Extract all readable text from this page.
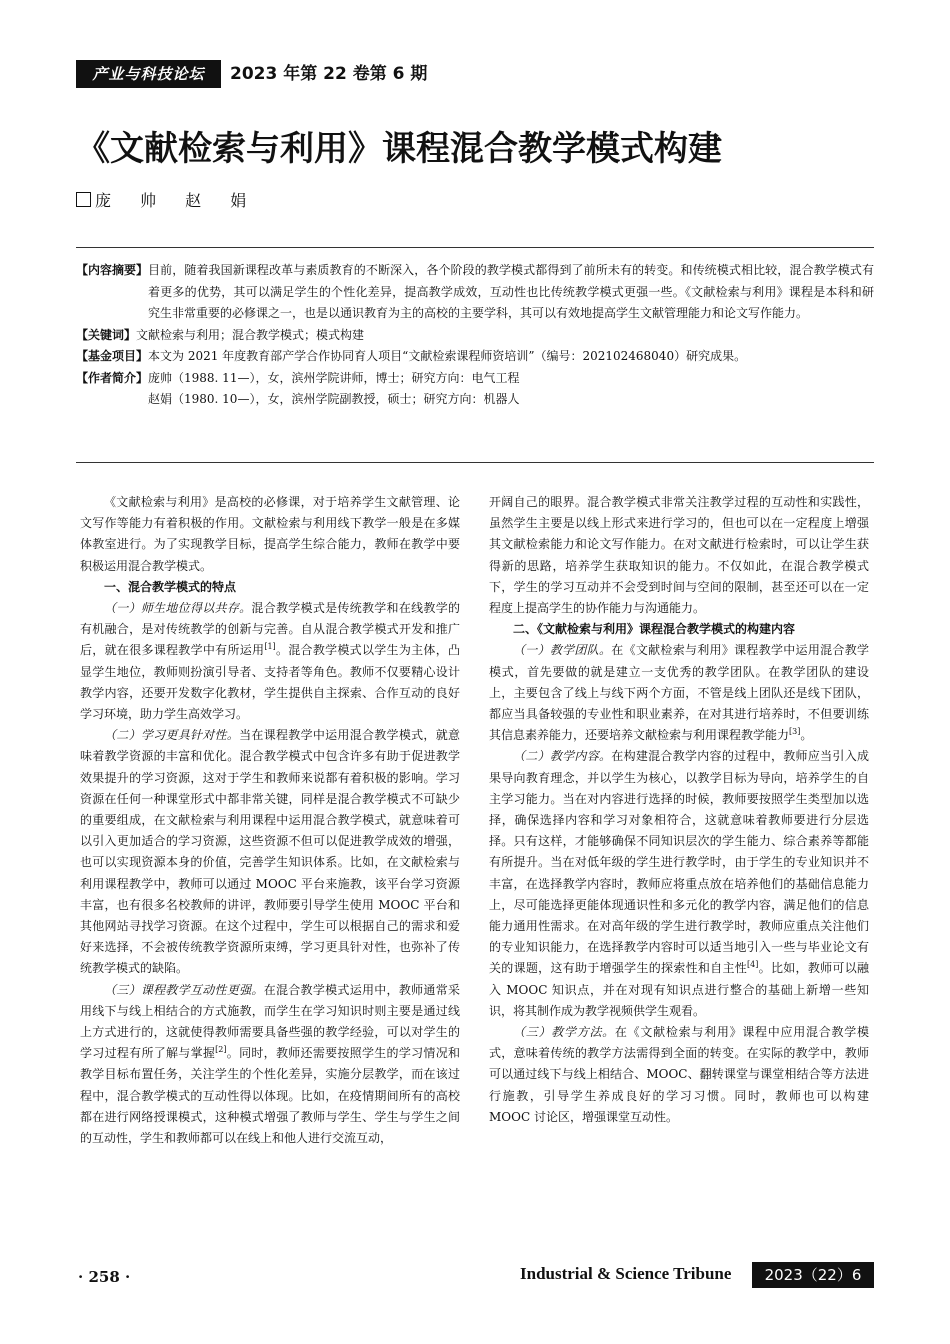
产业与科技论坛	2023 年第 22 卷第 6 期
《文献检索与利用》课程混合教学模式构建
庞 帅 赵 娟
【内容摘要】 目前，随着我国新课程改革与素质教育的不断深入，各个阶段的教学模式都得到了前所未有的转变。和传统模式相比较，混合教学模式有着更多的优势，其可以满足学生的个性化差异，提高教学成效，互动性也比传统教学模式更强一些。《文献检索与利用》课程是本科和研究生非常重要的必修课之一，也是以通识教育为主的高校的主要学科，其可以有效地提高学生文献管理能力和论文写作能力。
【关键词】 文献检索与利用；混合教学模式；模式构建
【基金项目】 本文为 2021 年度教育部产学合作协同育人项目“文献检索课程师资培训”（编号：202102468040）研究成果。
【作者简介】 庞帅（1988. 11—），女，滨州学院讲师，博士；研究方向：电气工程
赵娟（1980. 10—），女，滨州学院副教授，硕士；研究方向：机器人

《文献检索与利用》是高校的必修课，对于培养学生文献管理、论文写作等能力有着积极的作用。文献检索与利用线下教学一般是在多媒体教室进行。为了实现教学目标，提高学生综合能力，教师在教学中要积极运用混合教学模式。

一、混合教学模式的特点

（一）师生地位得以共存。混合教学模式是传统教学和在线教学的有机融合，是对传统教学的创新与完善。自从混合教学模式开发和推广后，就在很多课程教学中有所运用[1]。混合教学模式以学生为主体，凸显学生地位，教师则扮演引导者、支持者等角色。教师不仅要精心设计教学内容，还要开发数字化教材，学生提供自主探索、合作互动的良好学习环境，助力学生高效学习。

（二）学习更具针对性。当在课程教学中运用混合教学模式，就意味着教学资源的丰富和优化。混合教学模式中包含许多有助于促进教学效果提升的学习资源，这对于学生和教师来说都有着积极的影响。学习资源在任何一种课堂形式中都非常关键，同样是混合教学模式不可缺少的重要组成，在文献检索与利用课程中运用混合教学模式，就意味着可以引入更加适合的学习资源，这些资源不但可以促进教学成效的增强，也可以实现资源本身的价值，完善学生知识体系。比如，在文献检索与利用课程教学中，教师可以通过 MOOC 平台来施教，该平台学习资源丰富，也有很多名校教师的讲评，教师要引导学生使用 MOOC 平台和其他网站寻找学习资源。在这个过程中，学生可以根据自己的需求和爱好来选择，不会被传统教学资源所束缚，学习更具针对性，也弥补了传统教学模式的缺陷。

（三）课程教学互动性更强。在混合教学模式运用中，教师通常采用线下与线上相结合的方式施教，而学生在学习知识时则主要是通过线上方式进行的，这就使得教师需要具备些强的教学经验，可以对学生的学习过程有所了解与掌握[2]。同时，教师还需要按照学生的学习情况和教学目标布置任务，关注学生的个性化差异，实施分层教学，而在该过程中，混合教学模式的互动性得以体现。比如，在疫情期间所有的高校都在进行网络授课模式，这种模式增强了教师与学生、学生与学生之间的互动性，学生和教师都可以在线上和他人进行交流互动，

开阔自己的眼界。混合教学模式非常关注教学过程的互动性和实践性，虽然学生主要是以线上形式来进行学习的，但也可以在一定程度上增强其文献检索能力和论文写作能力。在对文献进行检索时，可以让学生获得新的思路，培养学生获取知识的能力。不仅如此，在混合教学模式下，学生的学习互动并不会受到时间与空间的限制，甚至还可以在一定程度上提高学生的协作能力与沟通能力。

二、《文献检索与利用》课程混合教学模式的构建内容

（一）教学团队。在《文献检索与利用》课程教学中运用混合教学模式，首先要做的就是建立一支优秀的教学团队。在教学团队的建设上，主要包含了线上与线下两个方面，不管是线上团队还是线下团队，都应当具备较强的专业性和职业素养，在对其进行培养时，不但要训练其信息素养能力，还要培养文献检索与利用课程教学能力[3]。

（二）教学内容。在构建混合教学内容的过程中，教师应当引入成果导向教育理念，并以学生为核心，以教学目标为导向，培养学生的自主学习能力。当在对内容进行选择的时候，教师要按照学生类型加以选择，确保选择内容和学习对象相符合，这就意味着教师要进行分层选择。只有这样，才能够确保不同知识层次的学生能力、综合素养等都能有所提升。当在对低年级的学生进行教学时，由于学生的专业知识并不丰富，在选择教学内容时，教师应将重点放在培养他们的基础信息能力上，尽可能选择更能体现通识性和多元化的教学内容，满足他们的信息能力通用性需求。在对高年级的学生进行教学时，教师应重点关注他们的专业知识能力，在选择教学内容时可以适当地引入一些与毕业论文有关的课题，这有助于增强学生的探索性和自主性[4]。比如，教师可以融入 MOOC 知识点，并在对现有知识点进行整合的基础上新增一些知识，将其制作成为教学视频供学生观看。

（三）教学方法。在《文献检索与利用》课程中应用混合教学模式，意味着传统的教学方法需得到全面的转变。在实际的教学中，教师可以通过线下与线上相结合、MOOC、翻转课堂与课堂相结合等方法进行施教，引导学生养成良好的学习习惯。同时，教师也可以构建 MOOC 讨论区，增强课堂互动性。

· 258 ·	Industrial & Science Tribune	2023（22）6
